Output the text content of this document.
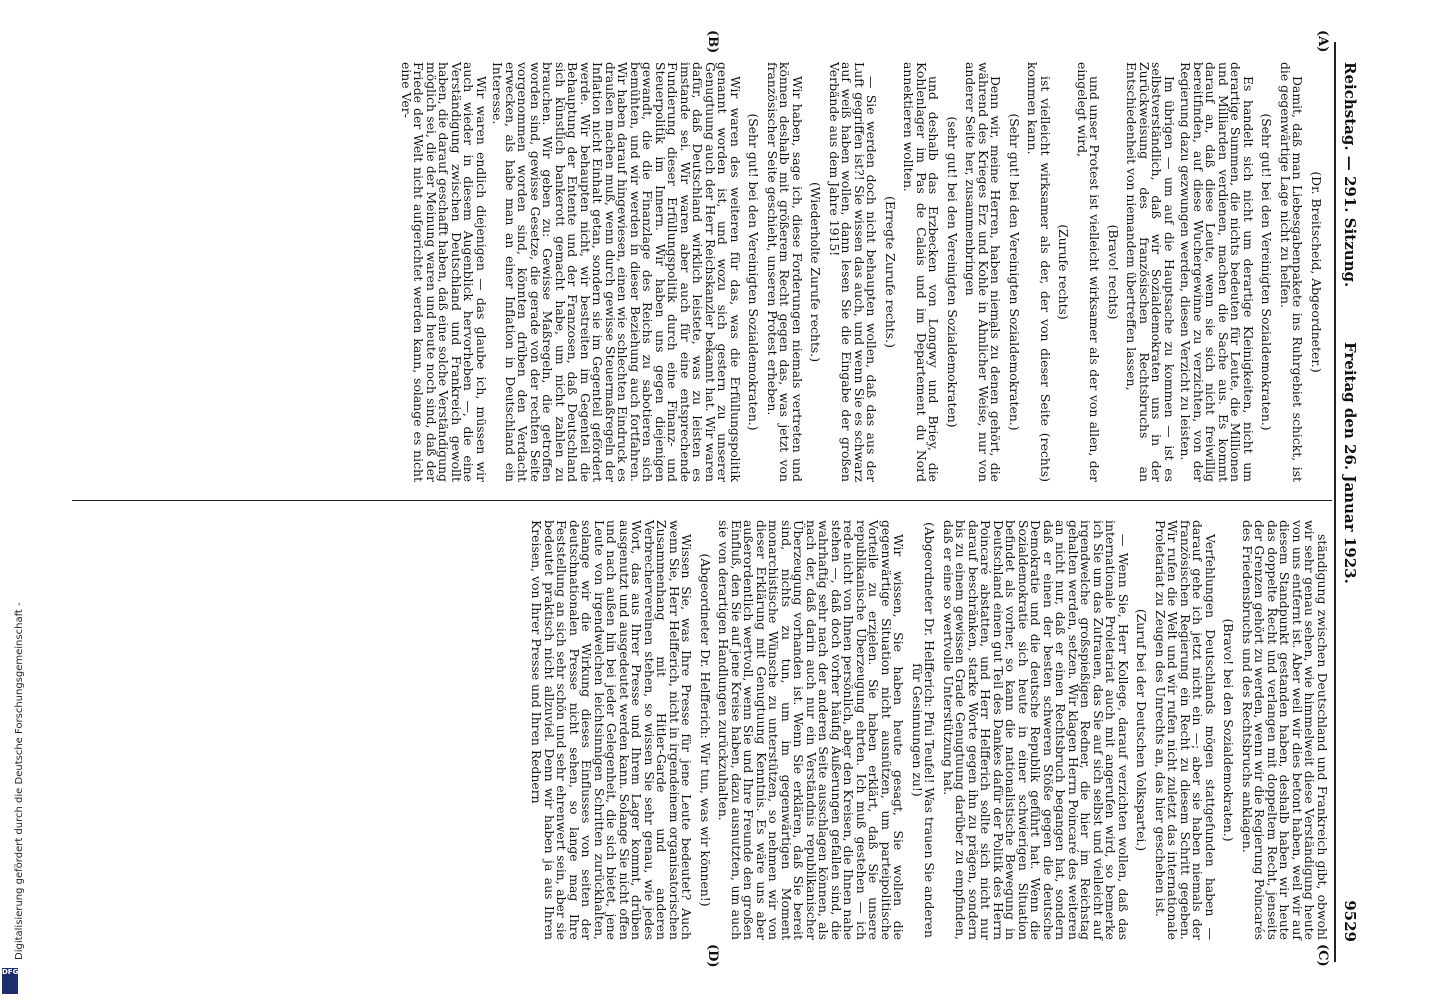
Reichstag. — 291. Sitzung.
Freitag den 26. Januar 1923.
9529
(A)
(B)
(C)
(D)

(Dr. Breitscheid, Abgeordneter.)

Damit, daß man Liebesgabenpakete ins Ruhrgebiet schickt, ist die gegenwärtige Lage nicht zu helfen.

(Sehr gut! bei den Vereinigten Sozialdemokraten.)

Es handelt sich nicht um derartige Kleinigkeiten, nicht um derartige Summen, die nichts bedeuten für Leute, die Millionen und Milliarden verdienen, machen die Sache aus. Es kommt darauf an, daß diese Leute, wenn sie sich nicht freiwillig bereitfinden, auf diese Wuchergewinne zu verzichten, von der Regierung dazu gezwungen werden, diesen Verzicht zu leisten.

Im übrigen — um auf die Hauptsache zu kommen — ist es selbstverständlich, daß wir Sozialdemokraten uns in der Zurückweisung des französischen Rechtsbruchs an Entschiedenheit von niemandem übertreffen lassen,

(Bravo! rechts)

und unser Protest ist vielleicht wirksamer als der von allen, der eingelegt wird,

(Zurufe rechts)

ist vielleicht wirksamer als der, der von dieser Seite (rechts) kommen kann.

(Sehr gut! bei den Vereinigten Sozialdemokraten.)

Denn wir, meine Herren, haben niemals zu denen gehört, die während des Krieges Erz und Kohle in Ähnlicher Weise, nur von anderer Seite her, zusammenbringen

(sehr gut! bei den Vereinigten Sozialdemokraten)

und deshalb das Erzbecken von Longwy und Briey, die Kohlenlager im Pas de Calais und im Departement du Nord annektieren wollten.

(Erregte Zurufe rechts.)

— Sie werden doch nicht behaupten wollen, daß das aus der Luft gegriffen ist?! Sie wissen das auch, und wenn Sie es schwarz auf weiß haben wollen, dann lesen Sie die Eingabe der großen Verbände aus dem Jahre 1915!

(Wiederholte Zurufe rechts.)

Wir haben, sage ich, diese Forderungen niemals vertreten und können deshalb mit größerem Recht gegen das, was jetzt von französischer Seite geschieht, unseren Protest erheben.

(Sehr gut! bei den Vereinigten Sozialdemokraten.)

Wir waren des weiteren für das, was die Erfüllungspolitik genannt worden ist, und wozu sich gestern zu unserer Genugtuung auch der Herr Reichskanzler bekannt hat. Wir waren dafür, daß Deutschland wirklich leistete, was zu leisten es imstande sei. Wir waren aber auch für eine entsprechende Fundierung dieser Erfüllungspolitik durch eine Finanz- und Steuerpolitik im Innern. Wir haben uns gegen diejenigen gewandt, die die Finanzlage des Reichs zu sabotieren sich bemühten, und wir werden in dieser Beziehung auch fortfahren. Wir haben darauf hingewiesen, einen wie schlechten Eindruck es draußen machen muß, wenn durch gewisse Steuermaßregeln der Inflation nicht Einhalt getan, sondern sie im Gegenteil gefördert werde. Wir behaupten nicht, wir bestreiten im Gegenteil die Behauptung der Entente und der Franzosen, daß Deutschland sich künstlich bankerott gemacht habe, um nicht zahlen zu brauchen. Wir geben zu: Gewisse Maßregeln, die getroffen worden sind, gewisse Gesetze, die gerade von der rechten Seite vorgenommen worden sind, könnten drüben den Verdacht erwecken, als habe man an einer Inflation in Deutschland ein Interesse.

Wir waren endlich diejenigen — das glaube ich, müssen wir auch wieder in diesem Augenblick hervorheben —, die eine Verständigung zwischen Deutschland und Frankreich gewollt haben, die darauf geschafft haben, daß eine solche Verständigung möglich sei, die der Meinung waren und heute noch sind, daß der Friede der Welt nicht aufgerichtet werden kann, solange es nicht eine Ver-

ständigung zwischen Deutschland und Frankreich gibt, obwohl wir sehr genau sehen, wie himmelweit diese Verständigung heute von uns entfernt ist. Aber weil wir dies betont haben, weil wir auf diesem Standpunkt gestanden haben, deshalb haben wir heute das doppelte Recht und verlangen mit doppeltem Recht, jenseits der Grenzen gehört zu werden, wenn wir die Regierung Poincarés des Friedensbruchs und des Rechtsbruchs anklagen.

(Bravo! bei den Sozialdemokraten.)

Verfehlungen Deutschlands mögen stattgefunden haben — darauf gehe ich jetzt nicht ein —; aber sie haben niemals der französischen Regierung ein Recht zu diesem Schritt gegeben. Wir rufen die Welt und wir rufen nicht zuletzt das internationale Proletariat zu Zeugen des Unrechts an, das hier geschehen ist.

(Zuruf bei der Deutschen Volkspartei.)

— Wenn Sie, Herr Kollege, darauf verzichten wollen, daß das internationale Proletariat auch mit angerufen wird, so bemerke ich Sie um das Zutrauen, das Sie auf sich selbst und vielleicht auf irgendwelche großspießigen Redner, die hier im Reichstag gehalten werden, setzen. Wir klagen Herrn Poincaré des weiteren an nicht nur, daß er einen Rechtsbruch begangen hat, sondern daß er einen der besten schweren Stöße gegen die deutsche Demokratie und die deutsche Republik geführt hat. Wenn die Sozialdemokratie sich heute in einer schwierigen Situation befindet als vorher, so kann die nationalistische Bewegung in Deutschland einen gut Teil des Dankes dafür der Politik des Herrn Poincaré abstatten, und Herr Helfferich sollte sich nicht nur darauf beschränken, starke Worte gegen ihn zu prägen, sondern bis zu einem gewissen Grade Genugtuung darüber zu empfinden, daß er eine so wertvolle Unterstützung hat.

(Abgeordneter Dr. Helfferich: Pfui Teufel! Was trauen Sie anderen für Gesinnungen zu!)

Wir wissen, Sie haben heute gesagt, Sie wollen die gegenwärtige Situation nicht ausnützen, um parteipolitische Vorteile zu erzielen. Sie haben erklärt, daß Sie unsere republikanische Überzeugung ehrten. Ich muß gestehen — ich rede nicht von Ihnen persönlich, aber den Kreisen, die Ihnen nahe stehen —, daß doch vorher häufig Äußerungen gefallen sind, die wahrhaftig sehr nach der anderen Seite ausschlagen können, als nach der, daß darin auch nur ein Verständnis republikanischer Überzeugung vorhanden ist. Wenn Sie erklären, daß Sie bereit sind, nichts zu tun, um im gegenwärtigen Moment monarchistische Wünsche zu unterstützen, so nehmen wir von dieser Erklärung mit Genugtuung Kenntnis. Es wäre uns aber außerordentlich wertvoll, wenn Sie und Ihre Freunde den großen Einfluß, den Sie auf jene Kreise haben, dazu ausnutzten, um auch sie von derartigen Handlungen zurückzuhalten.

(Abgeordneter Dr. Helfferich: Wir tun, was wir können!)

Wissen Sie, was Ihre Presse für jene Leute bedeutet? Auch wenn Sie, Herr Helfferich, nicht in irgendeinem organisatorischen Zusammenhang mit Hitler-Garde und anderen Verbrechervereinen stehen, so wissen Sie sehr genau, wie jedes Wort, das aus Ihrer Presse und Ihrem Lager kommt, drüben ausgenutzt und ausgedeutet werden kann. Solange Sie nicht offen und nach außen hin bei jeder Gelegenheit, die sich bietet, jene Leute von irgendwelchen leichtsinnigen Schritten zurückhalten, solange wir die Wirkung dieses Einflusses von seiten der deutschnationalen Presse nicht sehen, so lange mag Ihre Feststellung an sich sehr schön und sehr ehrenwert sein, aber sie bedeutet praktisch nicht allzuviel. Denn wir haben ja aus Ihren Kreisen, von Ihrer Presse und Ihren Rednern

Digitalisierung gefördert durch die Deutsche Forschungsgemeinschaft -
DFG
